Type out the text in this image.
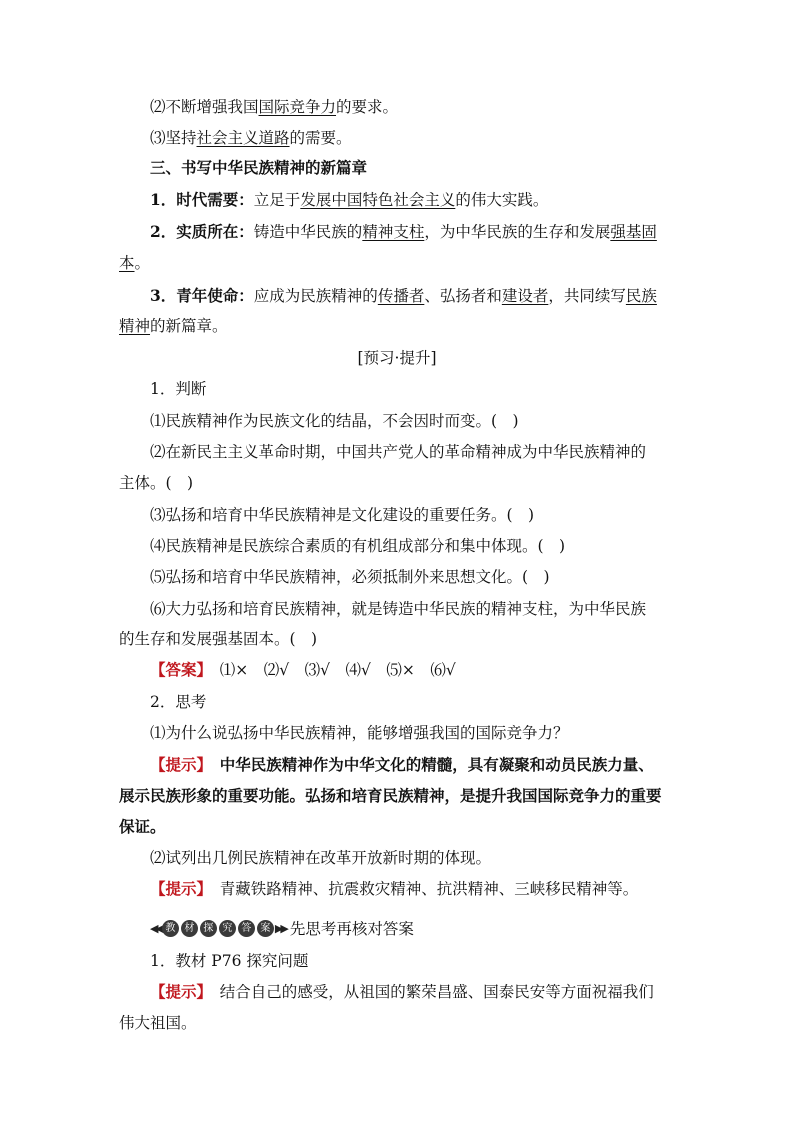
⑵不断增强我国国际竞争力的要求。
⑶坚持社会主义道路的需要。
三、书写中华民族精神的新篇章
1．时代需要：立足于发展中国特色社会主义的伟大实践。
2．实质所在：铸造中华民族的精神支柱，为中华民族的生存和发展强基固
本。
3．青年使命：应成为民族精神的传播者、弘扬者和建设者，共同续写民族
精神的新篇章。
[预习·提升]
1．判断
⑴民族精神作为民族文化的结晶，不会因时而变。(　)
⑵在新民主主义革命时期，中国共产党人的革命精神成为中华民族精神的
主体。(　)
⑶弘扬和培育中华民族精神是文化建设的重要任务。(　)
⑷民族精神是民族综合素质的有机组成部分和集中体现。(　)
⑸弘扬和培育中华民族精神，必须抵制外来思想文化。(　)
⑹大力弘扬和培育民族精神，就是铸造中华民族的精神支柱，为中华民族
的生存和发展强基固本。(　)
【答案】　⑴×　⑵√　⑶√　⑷√　⑸×　⑹√
2．思考
⑴为什么说弘扬中华民族精神，能够增强我国的国际竞争力？
【提示】　中华民族精神作为中华文化的精髓，具有凝聚和动员民族力量、
展示民族形象的重要功能。弘扬和培育民族精神，是提升我国国际竞争力的重要
保证。
⑵试列出几例民族精神在改革开放新时期的体现。
【提示】　青藏铁路精神、抗震救灾精神、抗洪精神、三峡移民精神等。
◀◀ 教 材 探 究 答 案 ▶▶ 先思考再核对答案
1．教材 P76 探究问题
【提示】　结合自己的感受，从祖国的繁荣昌盛、国泰民安等方面祝福我们
伟大祖国。
